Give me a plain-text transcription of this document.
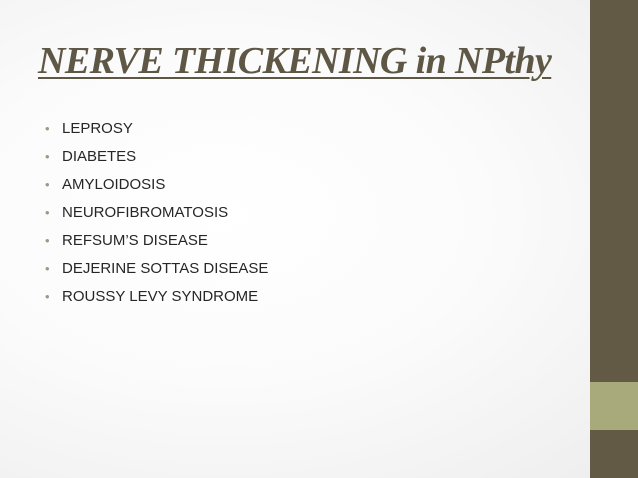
NERVE THICKENING in NPthy
• LEPROSY
• DIABETES
• AMYLOIDOSIS
• NEUROFIBROMATOSIS
• REFSUM’S DISEASE
• DEJERINE SOTTAS DISEASE
• ROUSSY LEVY SYNDROME
